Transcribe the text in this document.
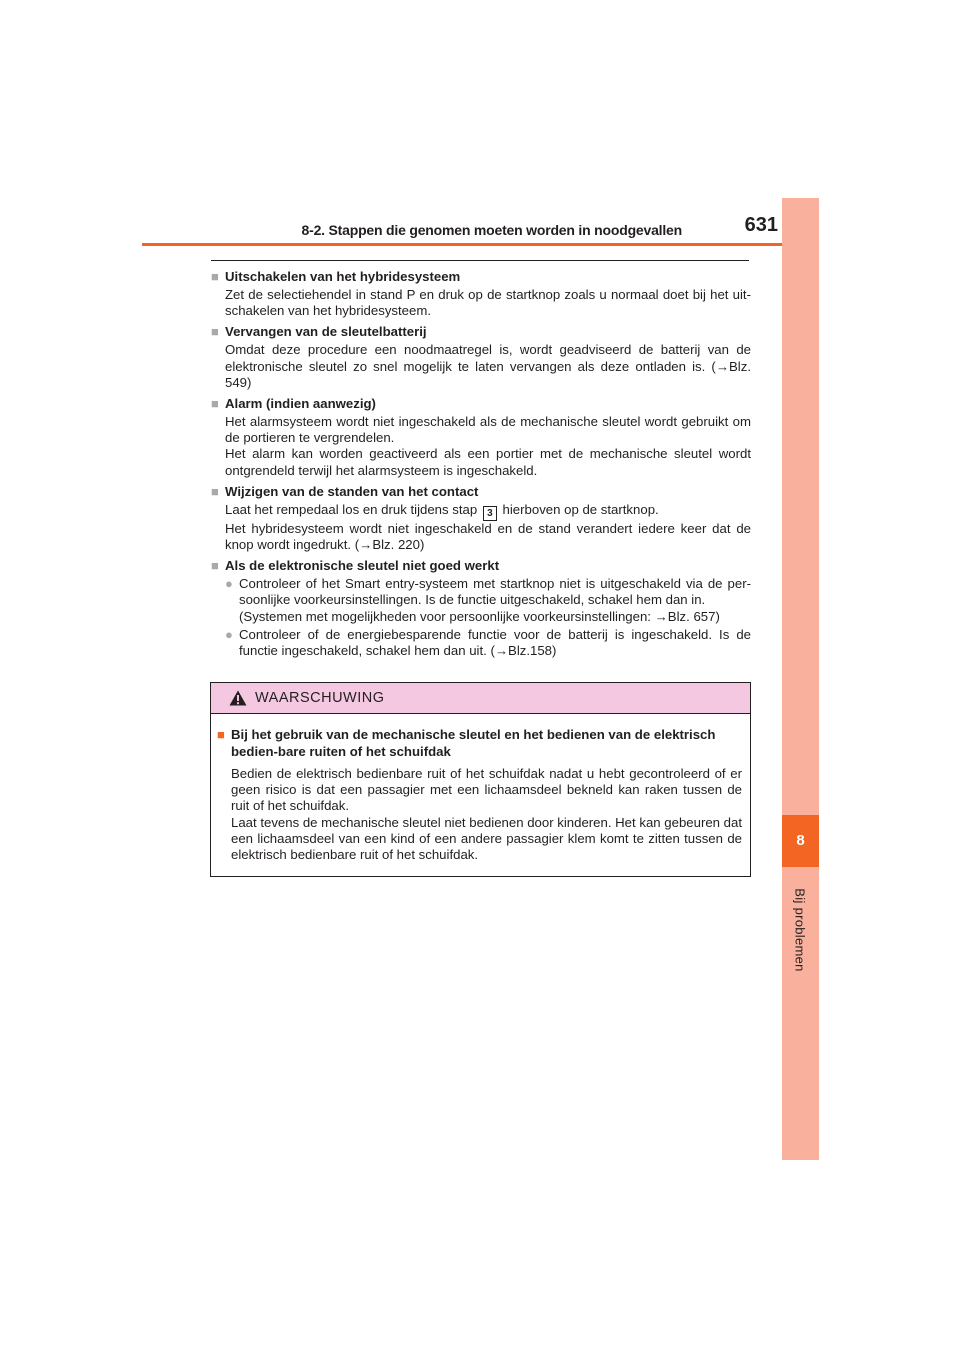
8-2. Stappen die genomen moeten worden in noodgevallen	631
8
Bij problemen
■ Uitschakelen van het hybridesysteem

Zet de selectiehendel in stand P en druk op de startknop zoals u normaal doet bij het uit-schakelen van het hybridesysteem.

■ Vervangen van de sleutelbatterij

Omdat deze procedure een noodmaatregel is, wordt geadviseerd de batterij van de elektronische sleutel zo snel mogelijk te laten vervangen als deze ontladen is. (→Blz. 549)

■ Alarm (indien aanwezig)

Het alarmsysteem wordt niet ingeschakeld als de mechanische sleutel wordt gebruikt om de portieren te vergrendelen.

Het alarm kan worden geactiveerd als een portier met de mechanische sleutel wordt ontgrendeld terwijl het alarmsysteem is ingeschakeld.

■ Wijzigen van de standen van het contact

Laat het rempedaal los en druk tijdens stap 3 hierboven op de startknop.

Het hybridesysteem wordt niet ingeschakeld en de stand verandert iedere keer dat de knop wordt ingedrukt. (→Blz. 220)

■ Als de elektronische sleutel niet goed werkt
● Controleer of het Smart entry-systeem met startknop niet is uitgeschakeld via de per-soonlijke voorkeursinstellingen. Is de functie uitgeschakeld, schakel hem dan in.

(Systemen met mogelijkheden voor persoonlijke voorkeursinstellingen: →Blz. 657)

● Controleer of de energiebesparende functie voor de batterij is ingeschakeld. Is de functie ingeschakeld, schakel hem dan uit. (→Blz.158)

WAARSCHUWING
■ Bij het gebruik van de mechanische sleutel en het bedienen van de elektrisch bedien-bare ruiten of het schuifdak

Bedien de elektrisch bedienbare ruit of het schuifdak nadat u hebt gecontroleerd of er geen risico is dat een passagier met een lichaamsdeel bekneld kan raken tussen de ruit of het schuifdak.

Laat tevens de mechanische sleutel niet bedienen door kinderen. Het kan gebeuren dat een lichaamsdeel van een kind of een andere passagier klem komt te zitten tussen de elektrisch bedienbare ruit of het schuifdak.
